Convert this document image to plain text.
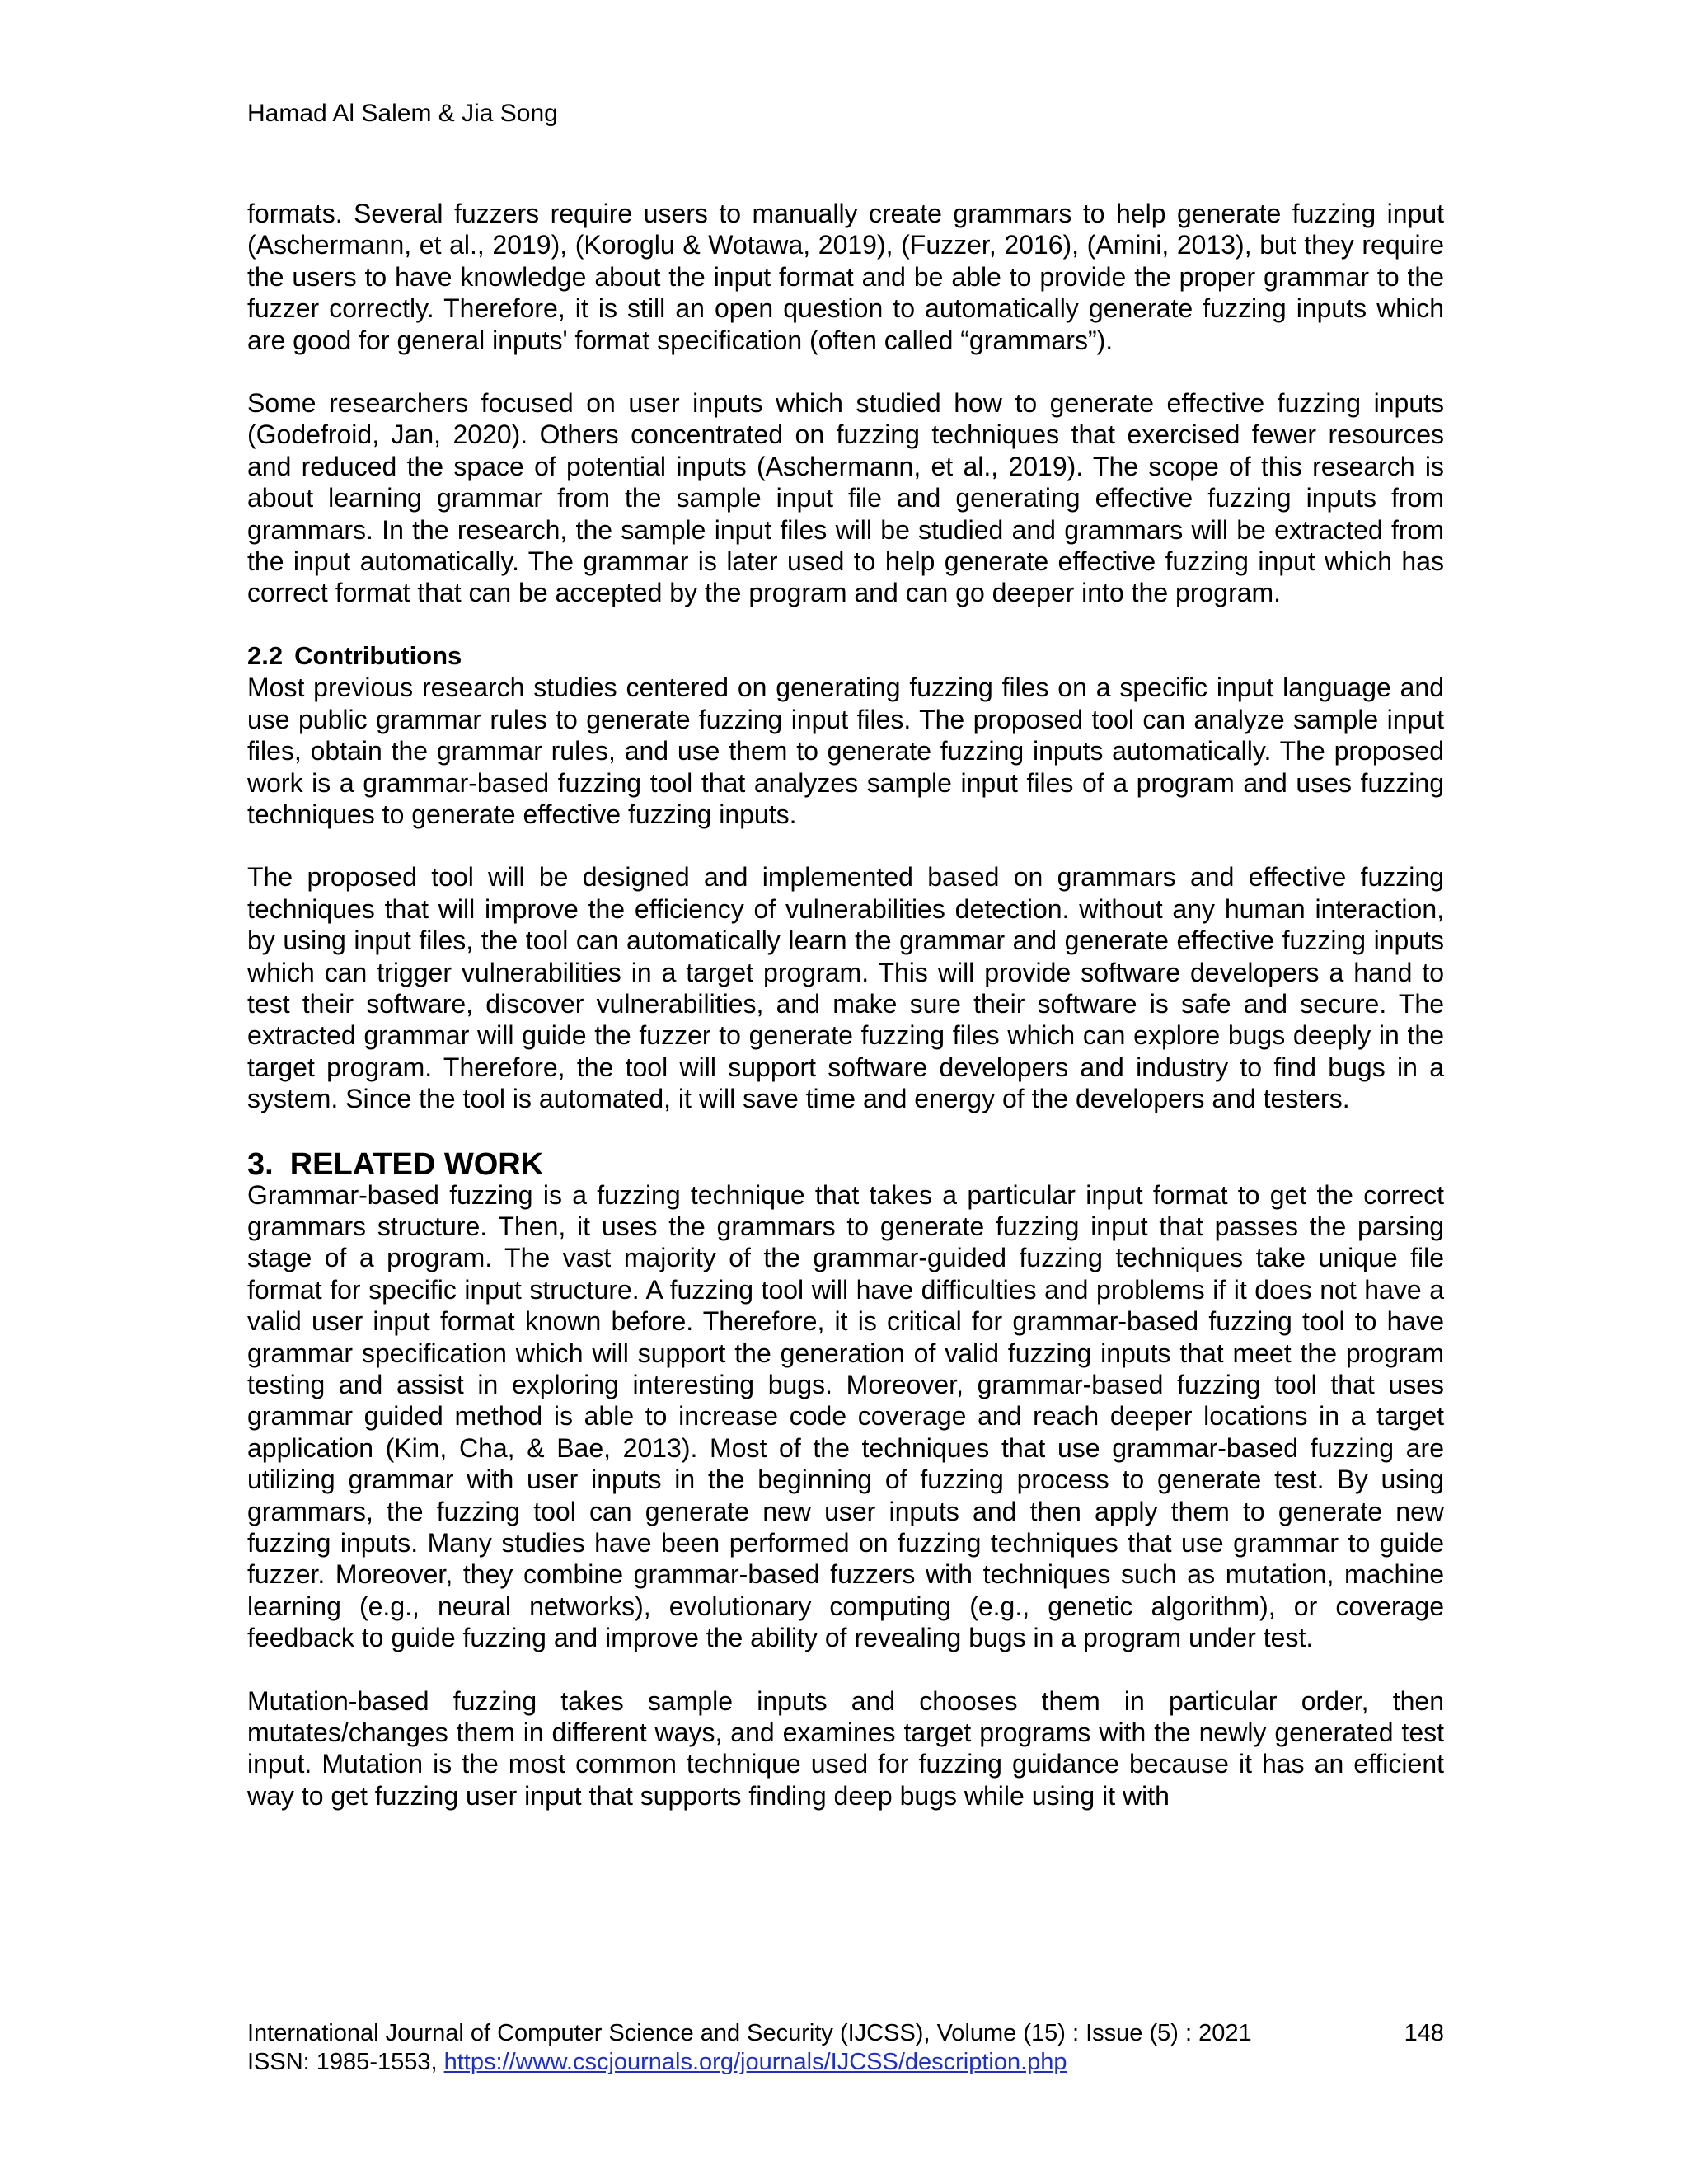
Hamad Al Salem & Jia Song

formats. Several fuzzers require users to manually create grammars to help generate fuzzing input (Aschermann, et al., 2019), (Koroglu & Wotawa, 2019), (Fuzzer, 2016), (Amini, 2013), but they require the users to have knowledge about the input format and be able to provide the proper grammar to the fuzzer correctly. Therefore, it is still an open question to automatically generate fuzzing inputs which are good for general inputs' format specification (often called “grammars”).

Some researchers focused on user inputs which studied how to generate effective fuzzing inputs (Godefroid, Jan, 2020). Others concentrated on fuzzing techniques that exercised fewer resources and reduced the space of potential inputs (Aschermann, et al., 2019). The scope of this research is about learning grammar from the sample input file and generating effective fuzzing inputs from grammars. In the research, the sample input files will be studied and grammars will be extracted from the input automatically. The grammar is later used to help generate effective fuzzing input which has correct format that can be accepted by the program and can go deeper into the program.

2.2 Contributions

Most previous research studies centered on generating fuzzing files on a specific input language and use public grammar rules to generate fuzzing input files. The proposed tool can analyze sample input files, obtain the grammar rules, and use them to generate fuzzing inputs automatically. The proposed work is a grammar-based fuzzing tool that analyzes sample input files of a program and uses fuzzing techniques to generate effective fuzzing inputs.

The proposed tool will be designed and implemented based on grammars and effective fuzzing techniques that will improve the efficiency of vulnerabilities detection. without any human interaction, by using input files, the tool can automatically learn the grammar and generate effective fuzzing inputs which can trigger vulnerabilities in a target program. This will provide software developers a hand to test their software, discover vulnerabilities, and make sure their software is safe and secure. The extracted grammar will guide the fuzzer to generate fuzzing files which can explore bugs deeply in the target program. Therefore, the tool will support software developers and industry to find bugs in a system. Since the tool is automated, it will save time and energy of the developers and testers.

3. RELATED WORK

Grammar-based fuzzing is a fuzzing technique that takes a particular input format to get the correct grammars structure. Then, it uses the grammars to generate fuzzing input that passes the parsing stage of a program. The vast majority of the grammar-guided fuzzing techniques take unique file format for specific input structure. A fuzzing tool will have difficulties and problems if it does not have a valid user input format known before. Therefore, it is critical for grammar-based fuzzing tool to have grammar specification which will support the generation of valid fuzzing inputs that meet the program testing and assist in exploring interesting bugs. Moreover, grammar-based fuzzing tool that uses grammar guided method is able to increase code coverage and reach deeper locations in a target application (Kim, Cha, & Bae, 2013). Most of the techniques that use grammar-based fuzzing are utilizing grammar with user inputs in the beginning of fuzzing process to generate test. By using grammars, the fuzzing tool can generate new user inputs and then apply them to generate new fuzzing inputs. Many studies have been performed on fuzzing techniques that use grammar to guide fuzzer. Moreover, they combine grammar-based fuzzers with techniques such as mutation, machine learning (e.g., neural networks), evolutionary computing (e.g., genetic algorithm), or coverage feedback to guide fuzzing and improve the ability of revealing bugs in a program under test.

Mutation-based fuzzing takes sample inputs and chooses them in particular order, then mutates/changes them in different ways, and examines target programs with the newly generated test input. Mutation is the most common technique used for fuzzing guidance because it has an efficient way to get fuzzing user input that supports finding deep bugs while using it with

International Journal of Computer Science and Security (IJCSS), Volume (15) : Issue (5) : 2021	148
ISSN: 1985-1553, https://www.cscjournals.org/journals/IJCSS/description.php
